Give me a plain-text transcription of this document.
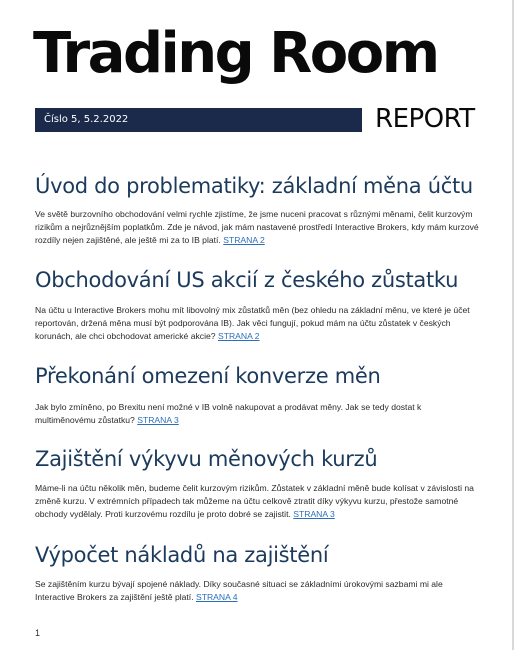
Trading Room
Číslo 5, 5.2.2022	REPORT
Úvod do problematiky: základní měna účtu

Ve světě burzovního obchodování velmi rychle zjistíme, že jsme nuceni pracovat s různými měnami, čelit kurzovým rizikům a nejrůznějším poplatkům. Zde je návod, jak mám nastavené prostředí Interactive Brokers, kdy mám kurzové rozdíly nejen zajištěné, ale ještě mi za to IB platí. STRANA 2

Obchodování US akcií z českého zůstatku

Na účtu u Interactive Brokers mohu mít libovolný mix zůstatků měn (bez ohledu na základní měnu, ve které je účet reportován, držená měna musí být podporována IB). Jak věci fungují, pokud mám na účtu zůstatek v českých korunách, ale chci obchodovat americké akcie? STRANA 2

Překonání omezení konverze měn

Jak bylo zmíněno, po Brexitu není možné v IB volně nakupovat a prodávat měny. Jak se tedy dostat k multiměnovému zůstatku? STRANA 3

Zajištění výkyvu měnových kurzů

Máme-li na účtu několik měn, budeme čelit kurzovým rizikům. Zůstatek v základní měně bude kolísat v závislosti na změně kurzu. V extrémních případech tak můžeme na účtu celkově ztratit díky výkyvu kurzu, přestože samotné obchody vydělaly. Proti kurzovému rozdílu je proto dobré se zajistit. STRANA 3

Výpočet nákladů na zajištění

Se zajištěním kurzu bývají spojené náklady. Díky současné situaci se základními úrokovými sazbami mi ale Interactive Brokers za zajištění ještě platí. STRANA 4

1
